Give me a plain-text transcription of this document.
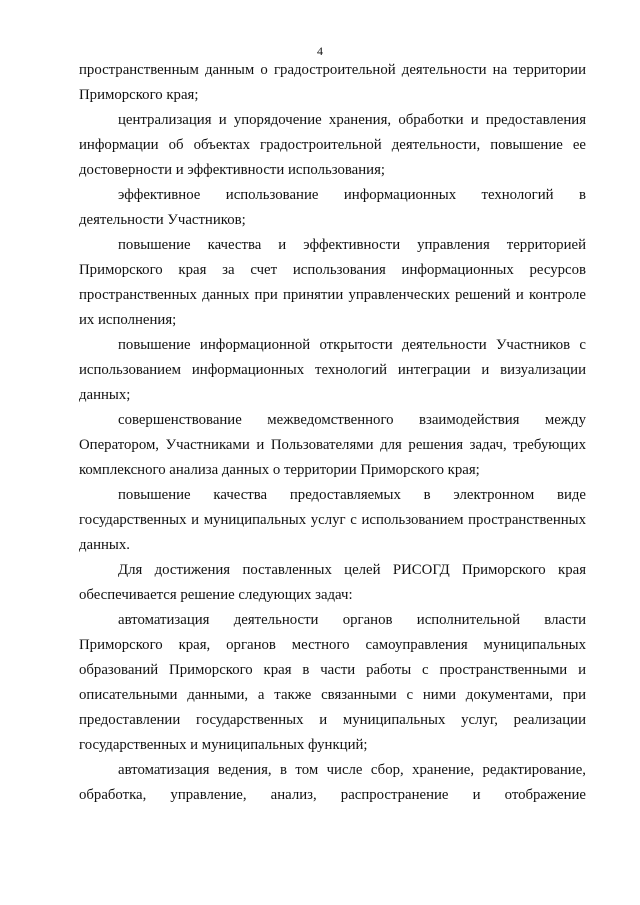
4

пространственным данным о градостроительной деятельности на территории Приморского края;

централизация и упорядочение хранения, обработки и предоставления информации об объектах градостроительной деятельности, повышение ее достоверности и эффективности использования;

эффективное использование информационных технологий в деятельности Участников;

повышение качества и эффективности управления территорией Приморского края за счет использования информационных ресурсов пространственных данных при принятии управленческих решений и контроле их исполнения;

повышение информационной открытости деятельности Участников с использованием информационных технологий интеграции и визуализации данных;

совершенствование межведомственного взаимодействия между Оператором, Участниками и Пользователями для решения задач, требующих комплексного анализа данных о территории Приморского края;

повышение качества предоставляемых в электронном виде государственных и муниципальных услуг с использованием пространственных данных.

Для достижения поставленных целей РИСОГД Приморского края обеспечивается решение следующих задач:

автоматизация деятельности органов исполнительной власти Приморского края, органов местного самоуправления муниципальных образований Приморского края в части работы с пространственными и описательными данными, а также связанными с ними документами, при предоставлении государственных и муниципальных услуг, реализации государственных и муниципальных функций;

автоматизация ведения, в том числе сбор, хранение, редактирование, обработка, управление, анализ, распространение и отображение
